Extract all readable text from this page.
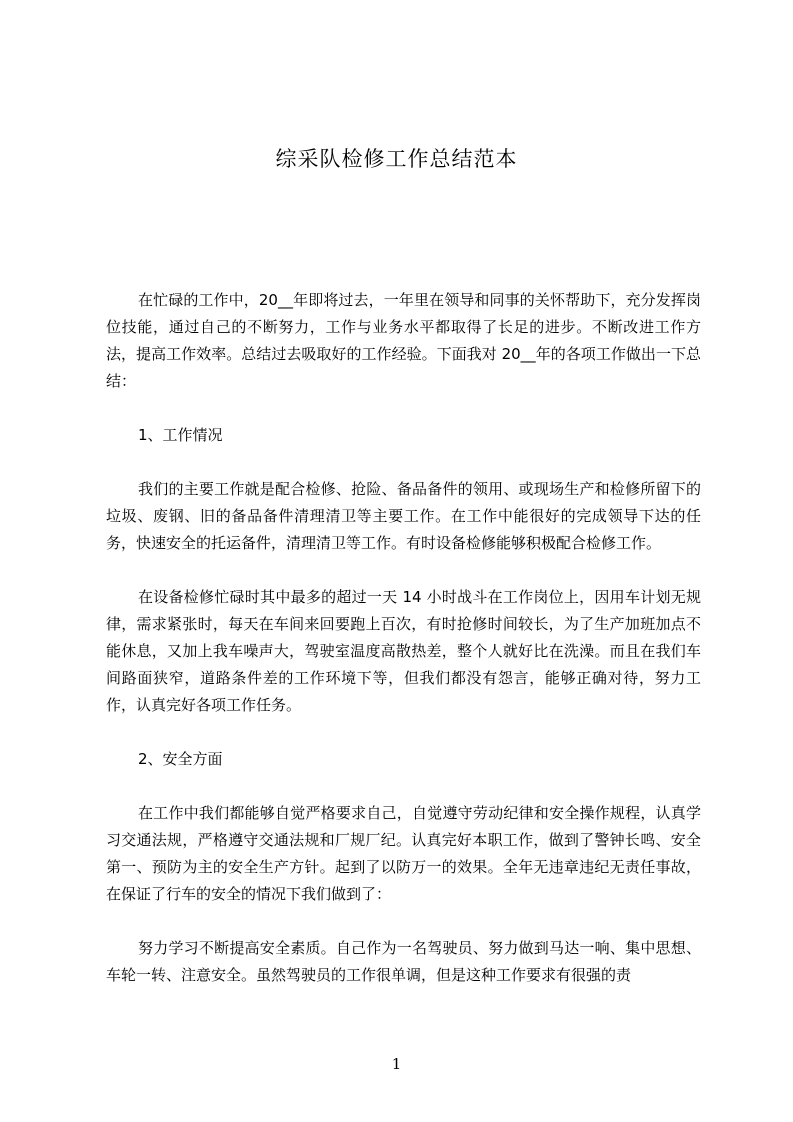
综采队检修工作总结范本

在忙碌的工作中，20__年即将过去，一年里在领导和同事的关怀帮助下，充分发挥岗位技能，通过自己的不断努力，工作与业务水平都取得了长足的进步。不断改进工作方法，提高工作效率。总结过去吸取好的工作经验。下面我对 20__年的各项工作做出一下总结：

1、工作情况

我们的主要工作就是配合检修、抢险、备品备件的领用、或现场生产和检修所留下的垃圾、废钢、旧的备品备件清理清卫等主要工作。在工作中能很好的完成领导下达的任务，快速安全的托运备件，清理清卫等工作。有时设备检修能够积极配合检修工作。

在设备检修忙碌时其中最多的超过一天 14 小时战斗在工作岗位上，因用车计划无规律，需求紧张时，每天在车间来回要跑上百次，有时抢修时间较长，为了生产加班加点不能休息，又加上我车噪声大，驾驶室温度高散热差，整个人就好比在洗澡。而且在我们车间路面狭窄，道路条件差的工作环境下等，但我们都没有怨言，能够正确对待，努力工作，认真完好各项工作任务。

2、安全方面

在工作中我们都能够自觉严格要求自己，自觉遵守劳动纪律和安全操作规程，认真学习交通法规，严格遵守交通法规和厂规厂纪。认真完好本职工作，做到了警钟长鸣、安全第一、预防为主的安全生产方针。起到了以防万一的效果。全年无违章违纪无责任事故，在保证了行车的安全的情况下我们做到了：

努力学习不断提高安全素质。自己作为一名驾驶员、努力做到马达一响、集中思想、车轮一转、注意安全。虽然驾驶员的工作很单调，但是这种工作要求有很强的责

1
